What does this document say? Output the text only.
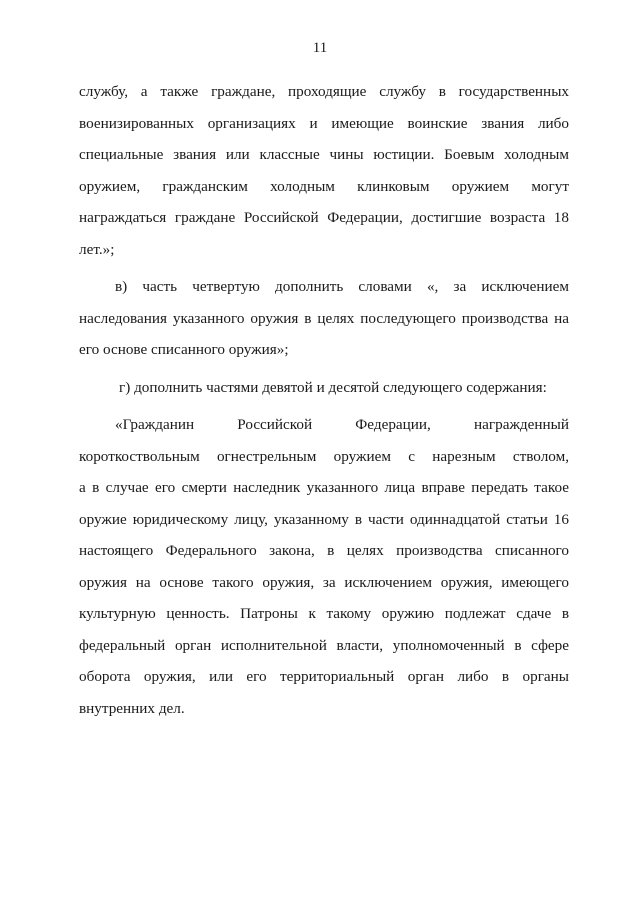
11
службу, а также граждане, проходящие службу в государственных
военизированных организациях и имеющие воинские звания либо
специальные звания или классные чины юстиции. Боевым холодным
оружием, гражданским холодным клинковым оружием могут
награждаться граждане Российской Федерации, достигшие возраста 18
лет.»;
в) часть четвертую дополнить словами «, за исключением
наследования указанного оружия в целях последующего производства на
его основе списанного оружия»;
г) дополнить частями девятой и десятой следующего содержания:
«Гражданин Российской Федерации, награжденный
короткоствольным огнестрельным оружием с нарезным стволом,
а в случае его смерти наследник указанного лица вправе передать такое
оружие юридическому лицу, указанному в части одиннадцатой статьи 16
настоящего Федерального закона, в целях производства списанного
оружия на основе такого оружия, за исключением оружия, имеющего
культурную ценность. Патроны к такому оружию подлежат сдаче в
федеральный орган исполнительной власти, уполномоченный в сфере
оборота оружия, или его территориальный орган либо в органы
внутренних дел.
